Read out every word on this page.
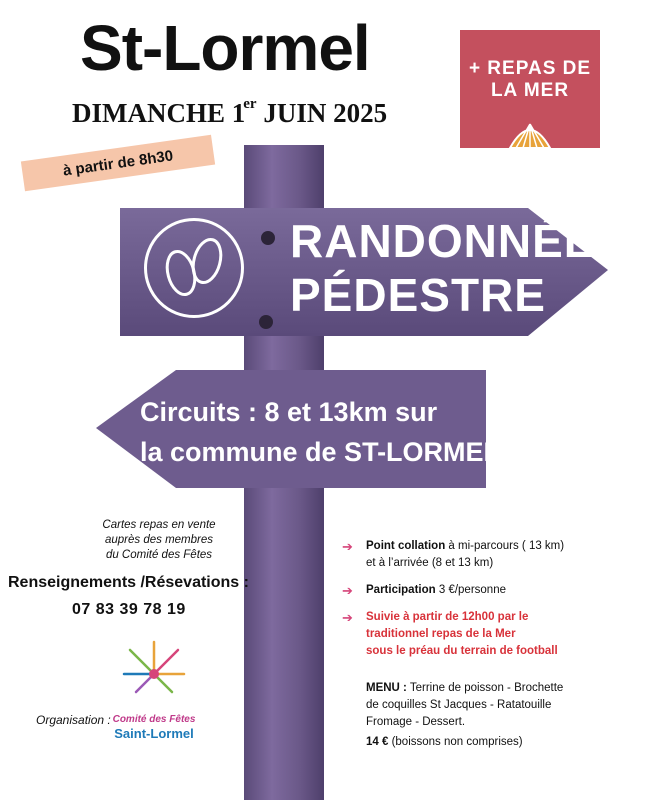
St-Lormel
DIMANCHE 1er JUIN 2025
+ REPAS DE
LA MER
à partir de 8h30
RANDONNÉE
PÉDESTRE
Circuits : 8 et 13km sur
la commune de ST-LORMEL
Cartes repas en vente
auprès des membres
du Comité des Fêtes
Renseignements /Résevations :
07 83 39 78 19
Organisation : Comité des Fêtes
Saint-Lormel
➔ Point collation à mi-parcours ( 13 km)
et à l’arrivée (8 et 13 km)
➔ Participation 3 €/personne
➔ Suivie à partir de 12h00 par le
traditionnel repas de la Mer
sous le préau du terrain de football
MENU : Terrine de poisson - Brochette
de coquilles St Jacques - Ratatouille
Fromage - Dessert.
14 € (boissons non comprises)
